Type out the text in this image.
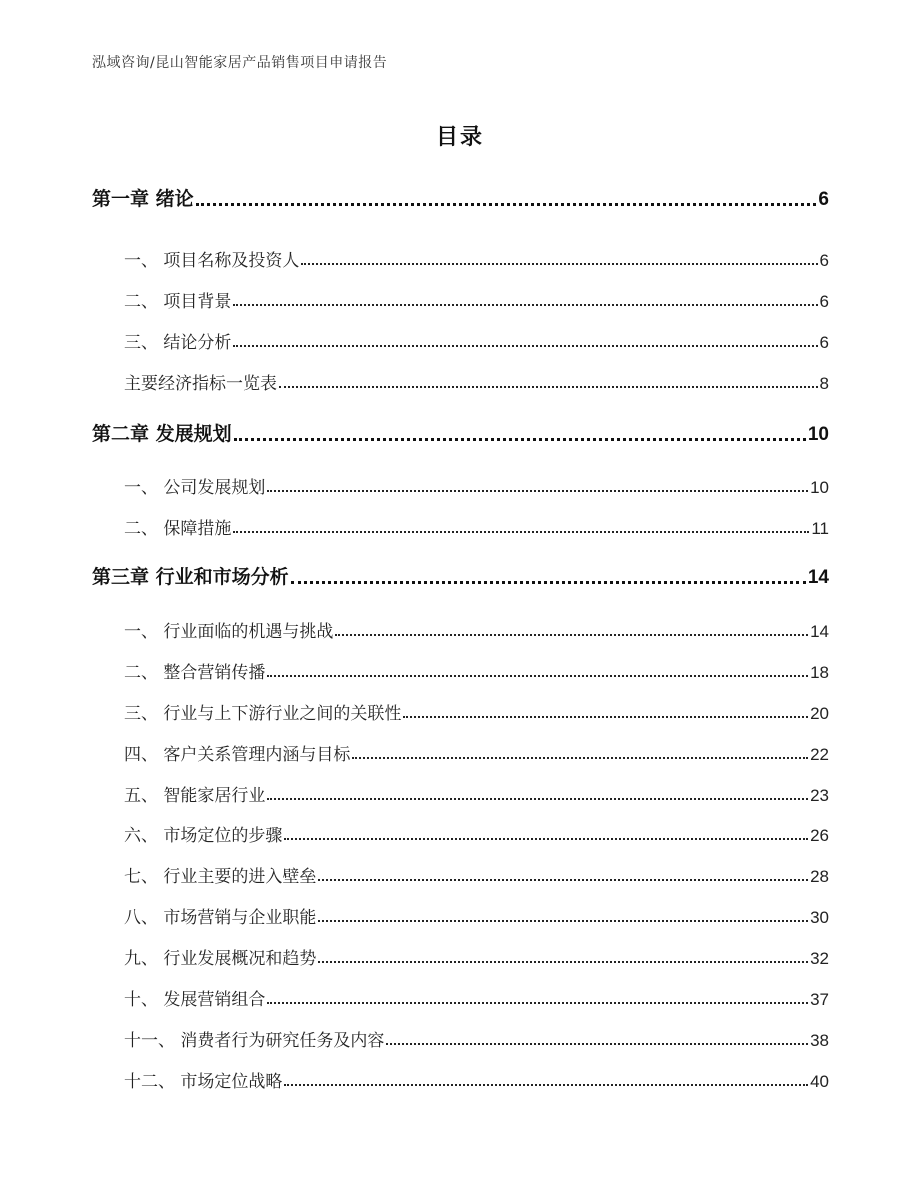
泓域咨询/昆山智能家居产品销售项目申请报告
目录
第一章 绪论	6
一、 项目名称及投资人	6
二、 项目背景	6
三、 结论分析	6
主要经济指标一览表	8
第二章 发展规划	10
一、 公司发展规划	10
二、 保障措施	11
第三章 行业和市场分析	14
一、 行业面临的机遇与挑战	14
二、 整合营销传播	18
三、 行业与上下游行业之间的关联性	20
四、 客户关系管理内涵与目标	22
五、 智能家居行业	23
六、 市场定位的步骤	26
七、 行业主要的进入壁垒	28
八、 市场营销与企业职能	30
九、 行业发展概况和趋势	32
十、 发展营销组合	37
十一、 消费者行为研究任务及内容	38
十二、 市场定位战略	40
